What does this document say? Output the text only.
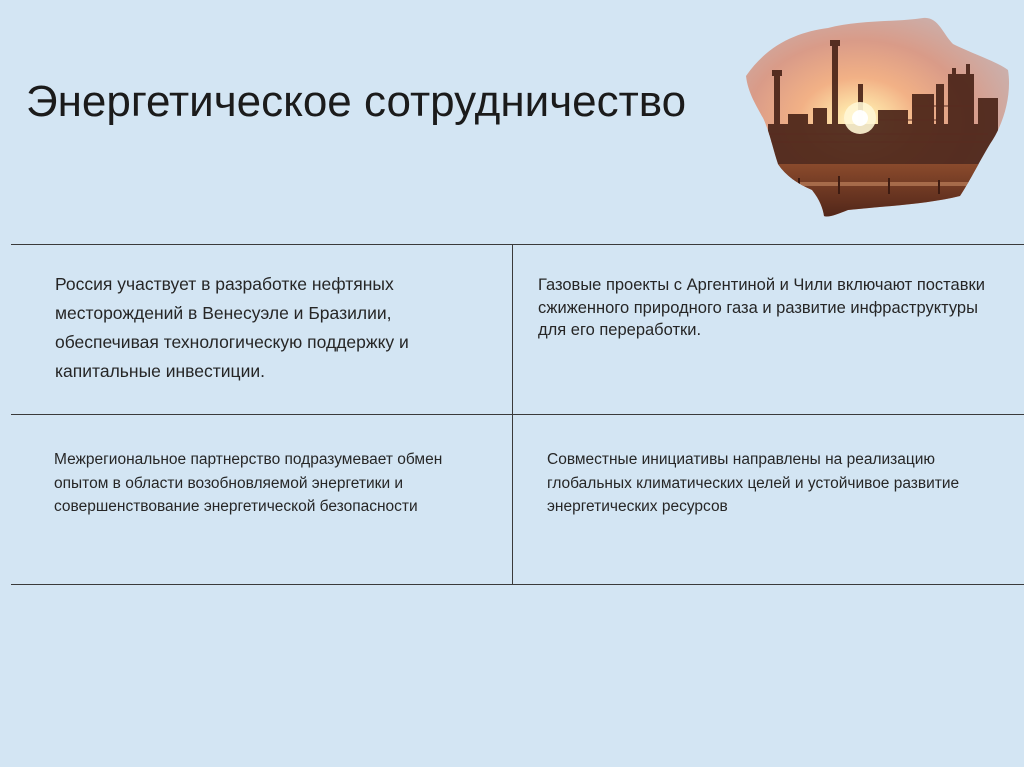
Энергетическое сотрудничество
Россия участвует в разработке нефтяных месторождений в Венесуэле и Бразилии, обеспечивая технологическую поддержку и капитальные инвестиции.
Газовые проекты с Аргентиной и Чили включают поставки сжиженного природного газа и развитие инфраструктуры для его переработки.
Межрегиональное партнерство подразумевает обмен опытом в области возобновляемой энергетики и совершенствование энергетической безопасности
Совместные инициативы направлены на реализацию глобальных климатических целей и устойчивое развитие энергетических ресурсов
